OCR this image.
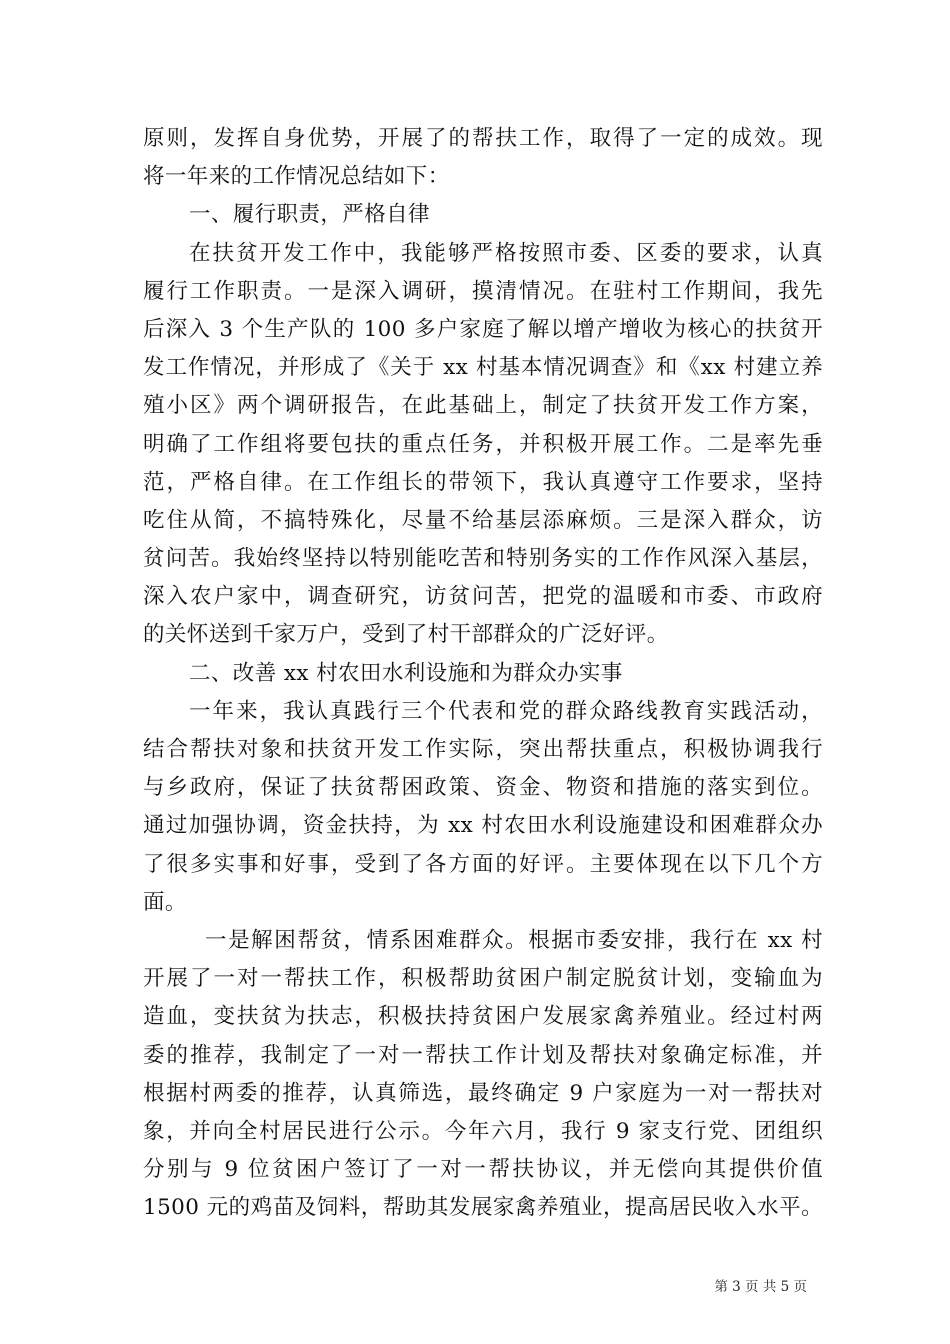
原则，发挥自身优势，开展了的帮扶工作，取得了一定的成效。现
将一年来的工作情况总结如下：
一、履行职责，严格自律
在扶贫开发工作中，我能够严格按照市委、区委的要求，认真
履行工作职责。一是深入调研，摸清情况。在驻村工作期间，我先
后深入 3 个生产队的 100 多户家庭了解以增产增收为核心的扶贫开
发工作情况，并形成了《关于 xx 村基本情况调查》和《xx 村建立养
殖小区》两个调研报告，在此基础上，制定了扶贫开发工作方案，
明确了工作组将要包扶的重点任务，并积极开展工作。二是率先垂
范，严格自律。在工作组长的带领下，我认真遵守工作要求，坚持
吃住从简，不搞特殊化，尽量不给基层添麻烦。三是深入群众，访
贫问苦。我始终坚持以特别能吃苦和特别务实的工作作风深入基层，
深入农户家中，调查研究，访贫问苦，把党的温暖和市委、市政府
的关怀送到千家万户，受到了村干部群众的广泛好评。
二、改善 xx 村农田水利设施和为群众办实事
一年来，我认真践行三个代表和党的群众路线教育实践活动，
结合帮扶对象和扶贫开发工作实际，突出帮扶重点，积极协调我行
与乡政府，保证了扶贫帮困政策、资金、物资和措施的落实到位。
通过加强协调，资金扶持，为 xx 村农田水利设施建设和困难群众办
了很多实事和好事，受到了各方面的好评。主要体现在以下几个方
面。
一是解困帮贫，情系困难群众。根据市委安排，我行在 xx 村
开展了一对一帮扶工作，积极帮助贫困户制定脱贫计划，变输血为
造血，变扶贫为扶志，积极扶持贫困户发展家禽养殖业。经过村两
委的推荐，我制定了一对一帮扶工作计划及帮扶对象确定标准，并
根据村两委的推荐，认真筛选，最终确定 9 户家庭为一对一帮扶对
象，并向全村居民进行公示。今年六月，我行 9 家支行党、团组织
分别与 9 位贫困户签订了一对一帮扶协议，并无偿向其提供价值
1500 元的鸡苗及饲料，帮助其发展家禽养殖业，提高居民收入水平。
第 3 页 共 5 页
